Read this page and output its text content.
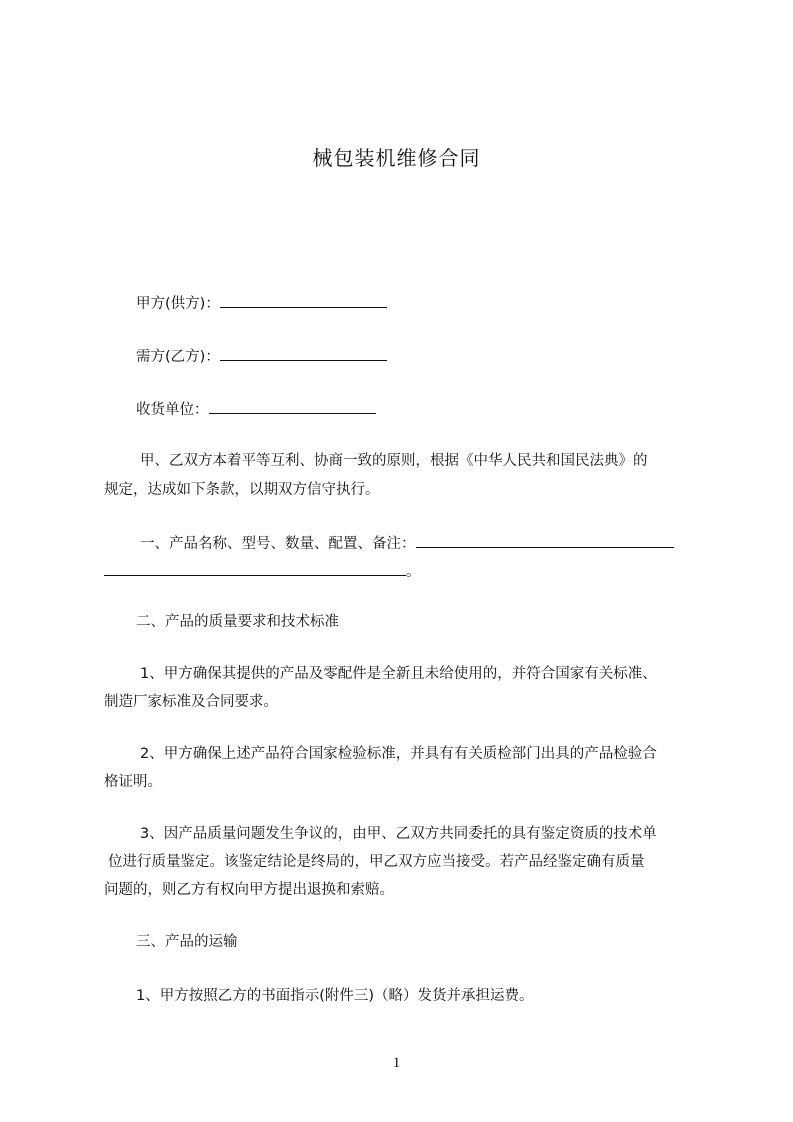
械包装机维修合同
甲方(供方)：
需方(乙方)：
收货单位：
甲、乙双方本着平等互利、协商一致的原则，根据《中华人民共和国民法典》的
规定，达成如下条款，以期双方信守执行。
一、产品名称、型号、数量、配置、备注：
。
二、产品的质量要求和技术标准
1、甲方确保其提供的产品及零配件是全新且未给使用的，并符合国家有关标准、
制造厂家标准及合同要求。
2、甲方确保上述产品符合国家检验标准，并具有有关质检部门出具的产品检验合
格证明。
3、因产品质量问题发生争议的，由甲、乙双方共同委托的具有鉴定资质的技术单
位进行质量鉴定。该鉴定结论是终局的，甲乙双方应当接受。若产品经鉴定确有质量
问题的，则乙方有权向甲方提出退换和索赔。
三、产品的运输
1、甲方按照乙方的书面指示(附件三)（略）发货并承担运费。
1
